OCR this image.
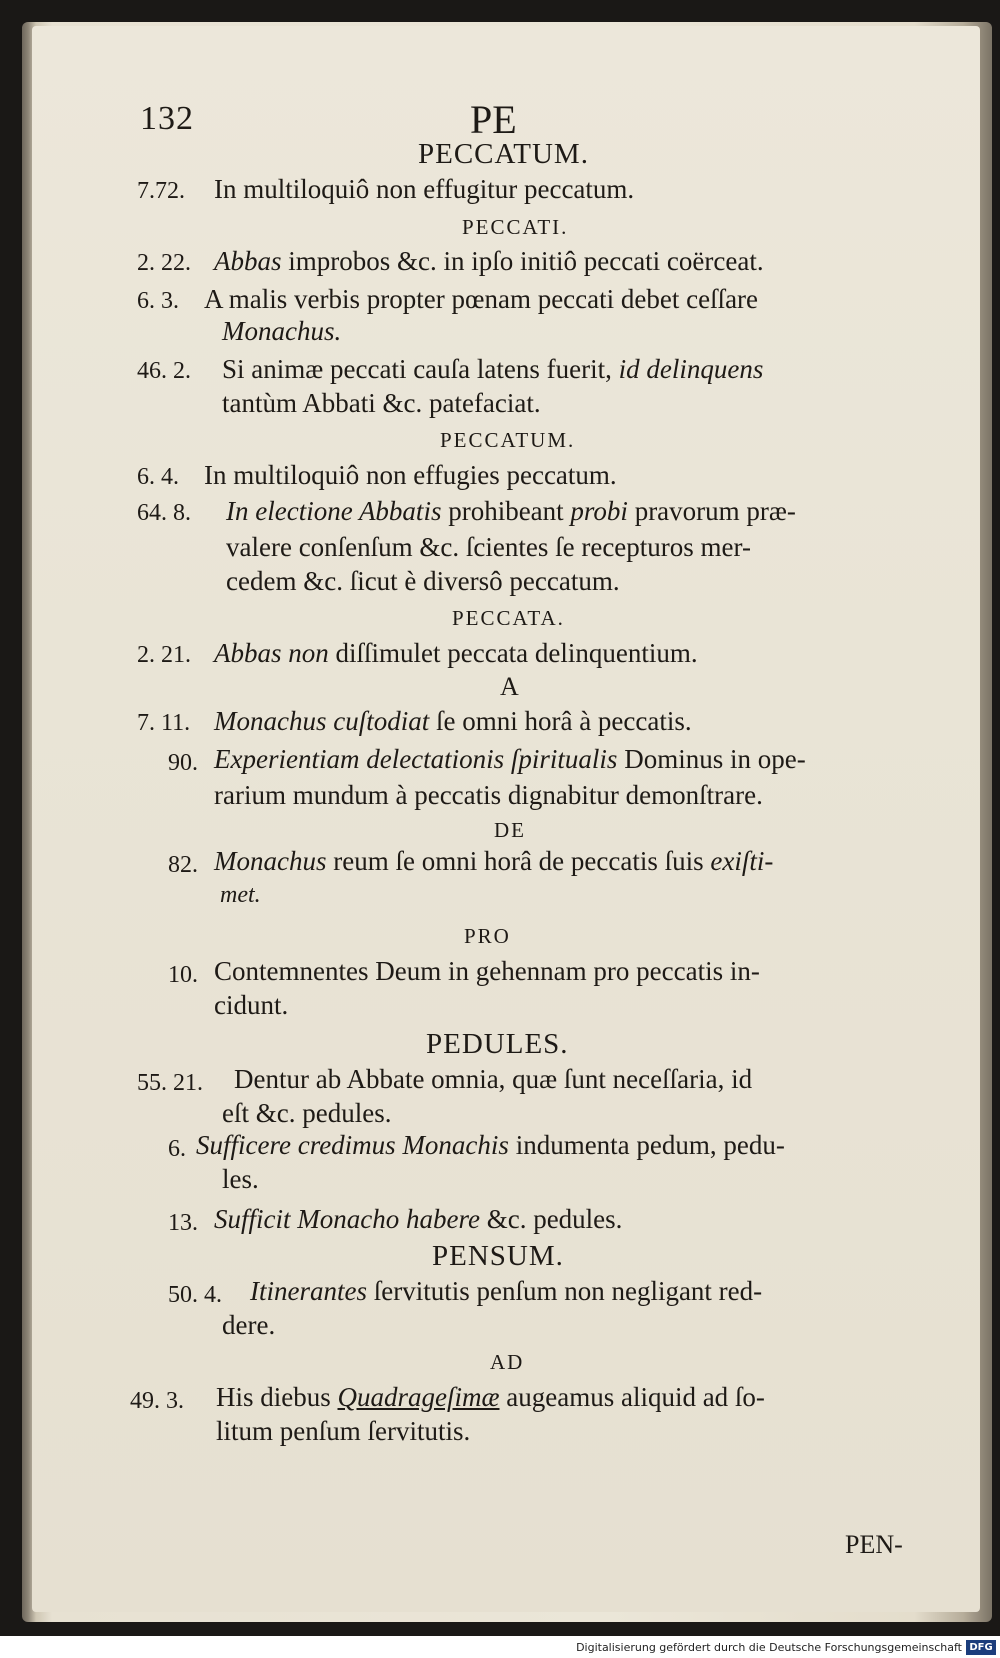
132	PE
PECCATUM.
7.72. In multiloquiô non effugitur peccatum.
PECCATI.
2. 22. Abbas improbos &c. in ipſo initiô peccati coërceat.
6. 3. A malis verbis propter pœnam peccati debet ceſſare
Monachus.
46. 2. Si animæ peccati cauſa latens fuerit, id delinquens
tantùm Abbati &c. patefaciat.
PECCATUM.
6. 4. In multiloquiô non effugies peccatum.
64. 8. In electione Abbatis prohibeant probi pravorum præ-
valere conſenſum &c. ſcientes ſe recepturos mer-
cedem &c. ſicut è diversô peccatum.
PECCATA.
2. 21. Abbas non diſſimulet peccata delinquentium.
A
7. 11. Monachus cuſtodiat ſe omni horâ à peccatis.
90. Experientiam delectationis ſpiritualis Dominus in ope-
rarium mundum à peccatis dignabitur demonſtrare.
DE
82. Monachus reum ſe omni horâ de peccatis ſuis exiſti-
met.
PRO
10. Contemnentes Deum in gehennam pro peccatis in-
cidunt.
PEDULES.
55. 21. Dentur ab Abbate omnia, quæ ſunt neceſſaria, id
eſt &c. pedules.
6. Sufficere credimus Monachis indumenta pedum, pedu-
les.
13. Sufficit Monacho habere &c. pedules.
PENSUM.
50. 4. Itinerantes ſervitutis penſum non negligant red-
dere.
AD
49. 3. His diebus Quadrageſimæ augeamus aliquid ad ſo-
litum penſum ſervitutis.
PEN-
Digitalisierung gefördert durch die Deutsche Forschungsgemeinschaft DFG
